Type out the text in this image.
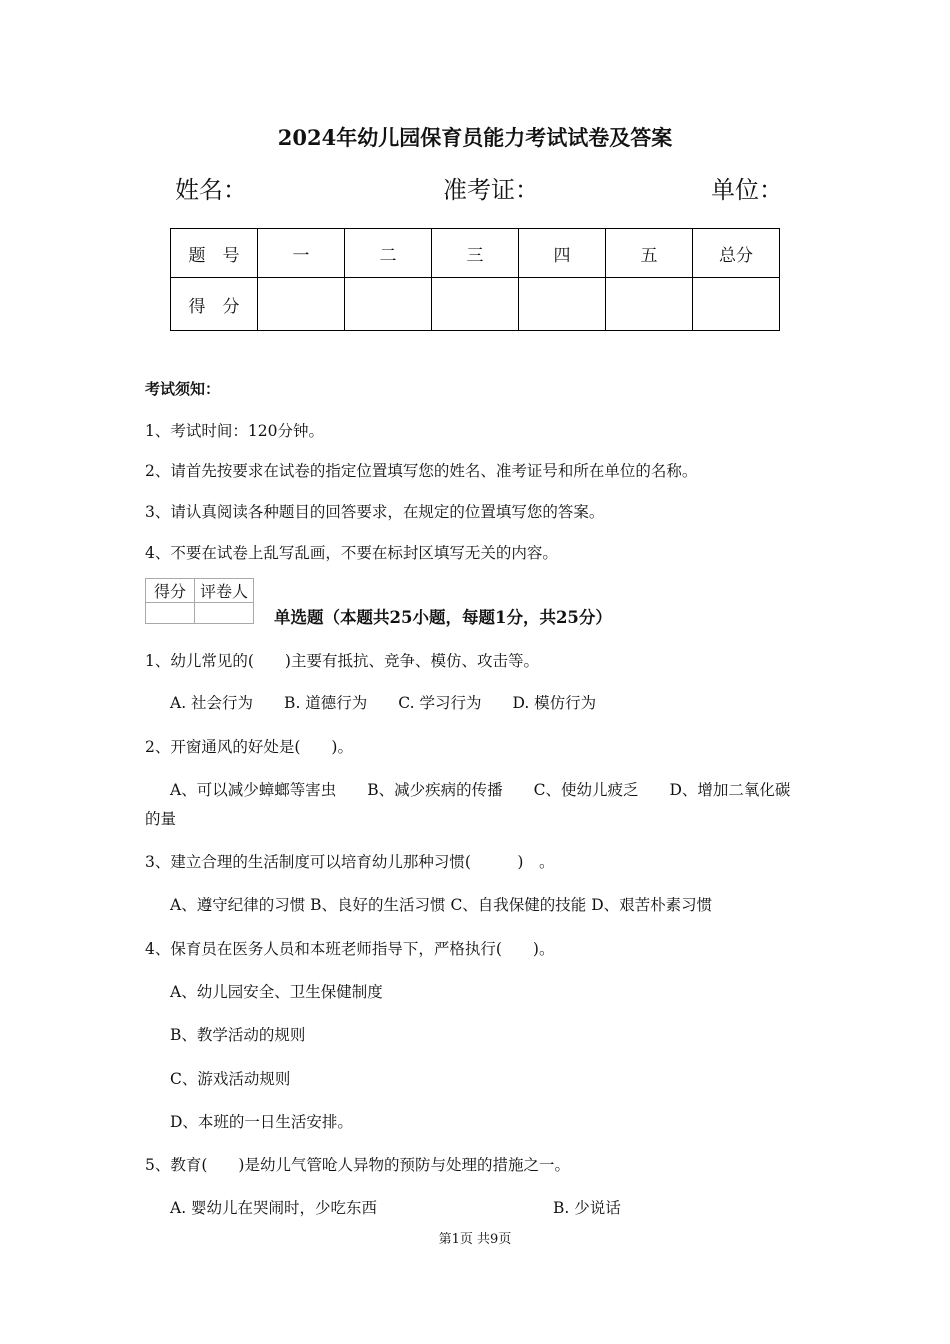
2024年幼儿园保育员能力考试试卷及答案
姓名：	准考证：	单位：
题　号	一	二	三	四	五	总分
得　分						
考试须知：
1、考试时间：120分钟。
2、请首先按要求在试卷的指定位置填写您的姓名、准考证号和所在单位的名称。
3、请认真阅读各种题目的回答要求，在规定的位置填写您的答案。
4、不要在试卷上乱写乱画，不要在标封区填写无关的内容。
得分	评卷人

单选题（本题共25小题，每题1分，共25分）
1、幼儿常见的(　　)主要有抵抗、竞争、模仿、攻击等。
A. 社会行为　　B. 道德行为　　C. 学习行为　　D. 模仿行为
2、开窗通风的好处是(　　)。
A、可以减少蟑螂等害虫　　B、减少疾病的传播　　C、使幼儿疲乏　　D、增加二氧化碳
的量
3、建立合理的生活制度可以培育幼儿那种习惯(　　　)　。
A、遵守纪律的习惯 B、良好的生活习惯 C、自我保健的技能 D、艰苦朴素习惯
4、保育员在医务人员和本班老师指导下，严格执行(　　)。
A、幼儿园安全、卫生保健制度
B、教学活动的规则
C、游戏活动规则
D、本班的一日生活安排。
5、教育(　　)是幼儿气管呛人异物的预防与处理的措施之一。
A. 婴幼儿在哭闹时，少吃东西	B. 少说话
第1页 共9页
